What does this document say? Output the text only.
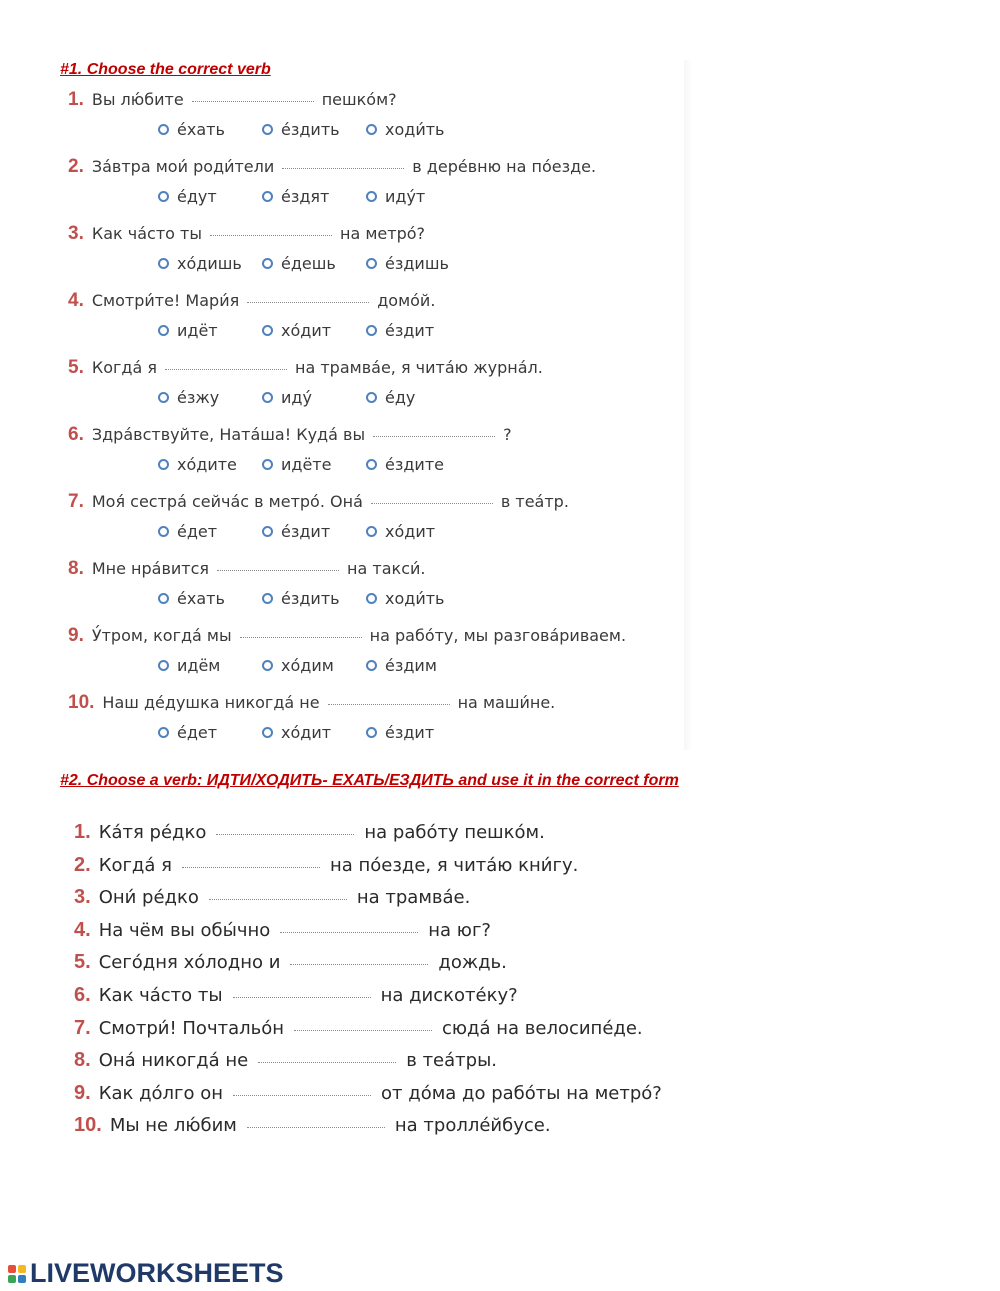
#1. Choose the correct verb
1. Вы лю́бите	пешко́м?
е́хать	е́здить	ходи́ть
2. За́втра мои́ роди́тели	в дере́вню на по́езде.
е́дут	е́здят	иду́т
3. Как ча́сто ты	на метро́?
хо́дишь е́дешь	е́здишь
4. Смотри́те! Мари́я	домо́й.
идёт	хо́дит	е́здит
5. Когда́ я	на трамва́е, я чита́ю журна́л.
е́зжу	иду́	е́ду
6. Здра́вствуйте, Ната́ша! Куда́ вы	?
хо́дите	идёте	е́здите
7. Моя́ сестра́ сейча́с в метро́. Она́	в теа́тр.
е́дет	е́здит	хо́дит
8. Мне нра́вится	на такси́.
е́хать	е́здить	ходи́ть
9. У́тром, когда́ мы	на рабо́ту, мы разгова́риваем.
идём	хо́дим	е́здим
10. Наш де́душка никогда́ не	на маши́не.
е́дет	хо́дит	е́здит
#2. Choose a verb: ИДТИ/ХОДИТЬ- ЕХАТЬ/ЕЗДИТЬ and use it in the correct form
1. Ка́тя ре́дко	на рабо́ту пешко́м.
2. Когда́ я	на по́езде, я чита́ю кни́гу.
3. Они́ ре́дко	на трамва́е.
4. На чём вы обы́чно	на юг?
5. Сего́дня хо́лодно и	дождь.
6. Как ча́сто ты	на дискоте́ку?
7. Смотри́! Почтальо́н	сюда́ на велосипе́де.
8. Она́ никогда́ не	в теа́тры.
9. Как до́лго он	от до́ма до рабо́ты на метро́?
10. Мы не лю́бим	на тролле́йбусе.
LIVEWORKSHEETS
